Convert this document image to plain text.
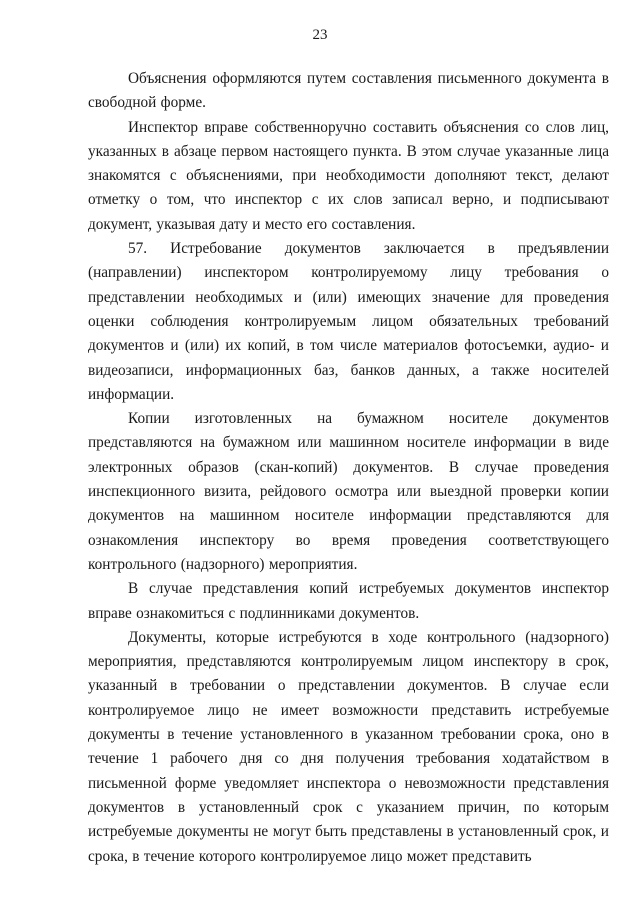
23

Объяснения оформляются путем составления письменного документа в свободной форме.

Инспектор вправе собственноручно составить объяснения со слов лиц, указанных в абзаце первом настоящего пункта. В этом случае указанные лица знакомятся с объяснениями, при необходимости дополняют текст, делают отметку о том, что инспектор с их слов записал верно, и подписывают документ, указывая дату и место его составления.

57. Истребование документов заключается в предъявлении (направлении) инспектором контролируемому лицу требования о представлении необходимых и (или) имеющих значение для проведения оценки соблюдения контролируемым лицом обязательных требований документов и (или) их копий, в том числе материалов фотосъемки, аудио- и видеозаписи, информационных баз, банков данных, а также носителей информации.

Копии изготовленных на бумажном носителе документов представляются на бумажном или машинном носителе информации в виде электронных образов (скан-копий) документов. В случае проведения инспекционного визита, рейдового осмотра или выездной проверки копии документов на машинном носителе информации представляются для ознакомления инспектору во время проведения соответствующего контрольного (надзорного) мероприятия.

В случае представления копий истребуемых документов инспектор вправе ознакомиться с подлинниками документов.

Документы, которые истребуются в ходе контрольного (надзорного) мероприятия, представляются контролируемым лицом инспектору в срок, указанный в требовании о представлении документов. В случае если контролируемое лицо не имеет возможности представить истребуемые документы в течение установленного в указанном требовании срока, оно в течение 1 рабочего дня со дня получения требования ходатайством в письменной форме уведомляет инспектора о невозможности представления документов в установленный срок с указанием причин, по которым истребуемые документы не могут быть представлены в установленный срок, и срока, в течение которого контролируемое лицо может представить
